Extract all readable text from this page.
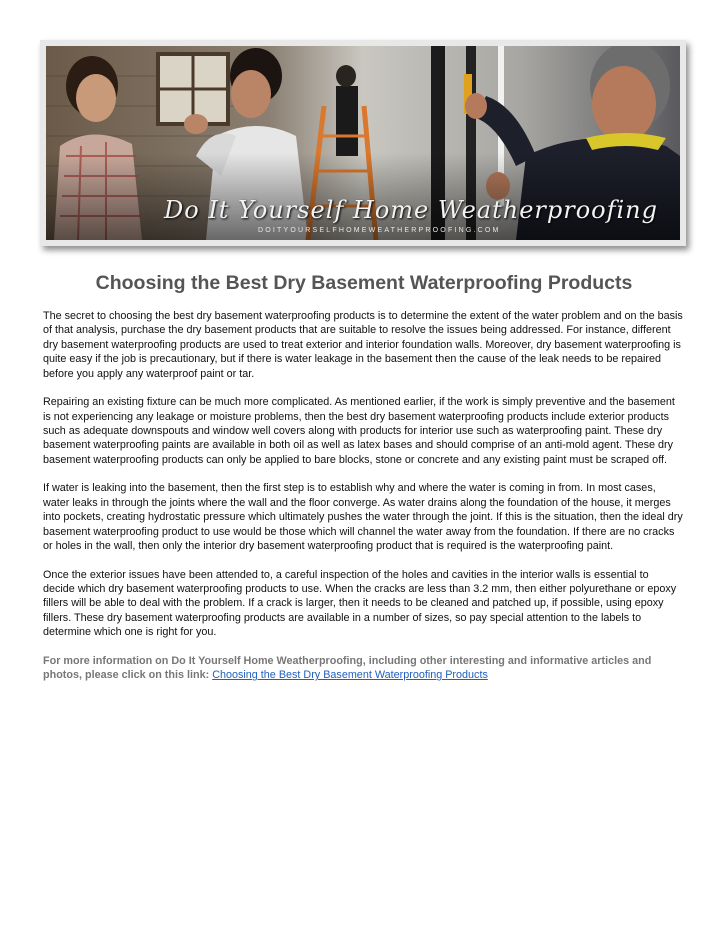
Do It Yourself Home Weatherproofing
DOITYOURSELFHOMEWEATHERPROOFING.COM
Choosing the Best Dry Basement Waterproofing Products

The secret to choosing the best dry basement waterproofing products is to determine the extent of the water problem and on the basis of that analysis, purchase the dry basement products that are suitable to resolve the issues being addressed. For instance, different dry basement waterproofing products are used to treat exterior and interior foundation walls. Moreover, dry basement waterproofing is quite easy if the job is precautionary, but if there is water leakage in the basement then the cause of the leak needs to be repaired before you apply any waterproof paint or tar.

Repairing an existing fixture can be much more complicated. As mentioned earlier, if the work is simply preventive and the basement is not experiencing any leakage or moisture problems, then the best dry basement waterproofing products include exterior products such as adequate downspouts and window well covers along with products for interior use such as waterproofing paint. These dry basement waterproofing paints are available in both oil as well as latex bases and should comprise of an anti-mold agent. These dry basement waterproofing products can only be applied to bare blocks, stone or concrete and any existing paint must be scraped off.

If water is leaking into the basement, then the first step is to establish why and where the water is coming in from. In most cases, water leaks in through the joints where the wall and the floor converge. As water drains along the foundation of the house, it merges into pockets, creating hydrostatic pressure which ultimately pushes the water through the joint. If this is the situation, then the ideal dry basement waterproofing product to use would be those which will channel the water away from the foundation. If there are no cracks or holes in the wall, then only the interior dry basement waterproofing product that is required is the waterproofing paint.

Once the exterior issues have been attended to, a careful inspection of the holes and cavities in the interior walls is essential to decide which dry basement waterproofing products to use. When the cracks are less than 3.2 mm, then either polyurethane or epoxy fillers will be able to deal with the problem. If a crack is larger, then it needs to be cleaned and patched up, if possible, using epoxy fillers. These dry basement waterproofing products are available in a number of sizes, so pay special attention to the labels to determine which one is right for you.

For more information on Do It Yourself Home Weatherproofing, including other interesting and informative articles and photos, please click on this link: Choosing the Best Dry Basement Waterproofing Products
